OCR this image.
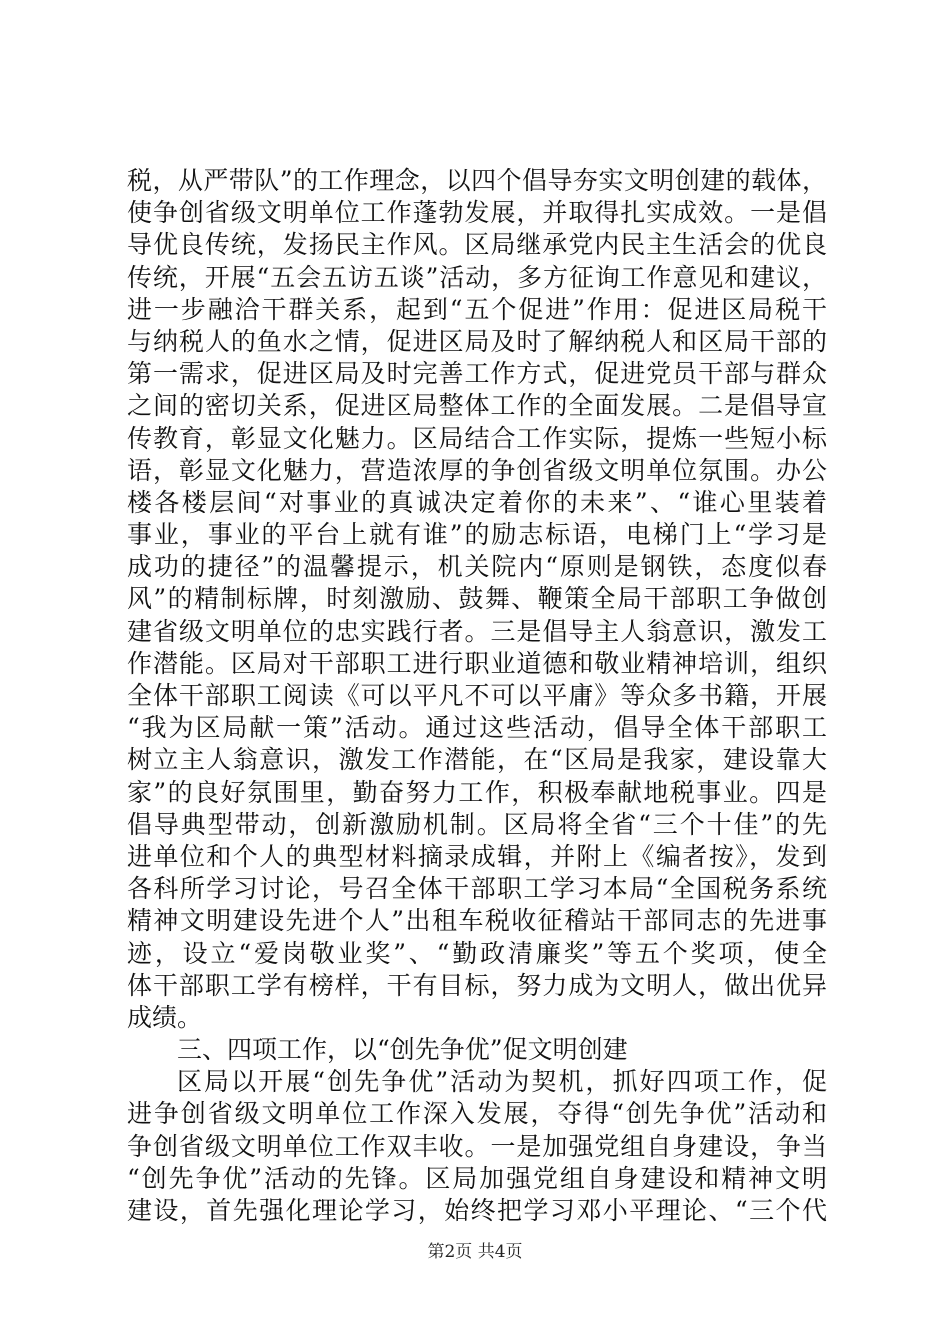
税，从严带队”的工作理念，以四个倡导夯实文明创建的载体，
使争创省级文明单位工作蓬勃发展，并取得扎实成效。一是倡
导优良传统，发扬民主作风。区局继承党内民主生活会的优良
传统，开展“五会五访五谈”活动，多方征询工作意见和建议，
进一步融洽干群关系，起到“五个促进”作用：促进区局税干
与纳税人的鱼水之情，促进区局及时了解纳税人和区局干部的
第一需求，促进区局及时完善工作方式，促进党员干部与群众
之间的密切关系，促进区局整体工作的全面发展。二是倡导宣
传教育，彰显文化魅力。区局结合工作实际，提炼一些短小标
语，彰显文化魅力，营造浓厚的争创省级文明单位氛围。办公
楼各楼层间“对事业的真诚决定着你的未来”、“谁心里装着
事业，事业的平台上就有谁”的励志标语，电梯门上“学习是
成功的捷径”的温馨提示，机关院内“原则是钢铁，态度似春
风”的精制标牌，时刻激励、鼓舞、鞭策全局干部职工争做创
建省级文明单位的忠实践行者。三是倡导主人翁意识，激发工
作潜能。区局对干部职工进行职业道德和敬业精神培训，组织
全体干部职工阅读《可以平凡不可以平庸》等众多书籍，开展
“我为区局献一策”活动。通过这些活动，倡导全体干部职工
树立主人翁意识，激发工作潜能，在“区局是我家，建设靠大
家”的良好氛围里，勤奋努力工作，积极奉献地税事业。四是
倡导典型带动，创新激励机制。区局将全省“三个十佳”的先
进单位和个人的典型材料摘录成辑，并附上《编者按》，发到
各科所学习讨论，号召全体干部职工学习本局“全国税务系统
精神文明建设先进个人”出租车税收征稽站干部同志的先进事
迹，设立“爱岗敬业奖”、“勤政清廉奖”等五个奖项，使全
体干部职工学有榜样，干有目标，努力成为文明人，做出优异
成绩。
三、四项工作，以“创先争优”促文明创建
区局以开展“创先争优”活动为契机，抓好四项工作，促
进争创省级文明单位工作深入发展，夺得“创先争优”活动和
争创省级文明单位工作双丰收。一是加强党组自身建设，争当
“创先争优”活动的先锋。区局加强党组自身建设和精神文明
建设，首先强化理论学习，始终把学习邓小平理论、“三个代
第2页 共4页
